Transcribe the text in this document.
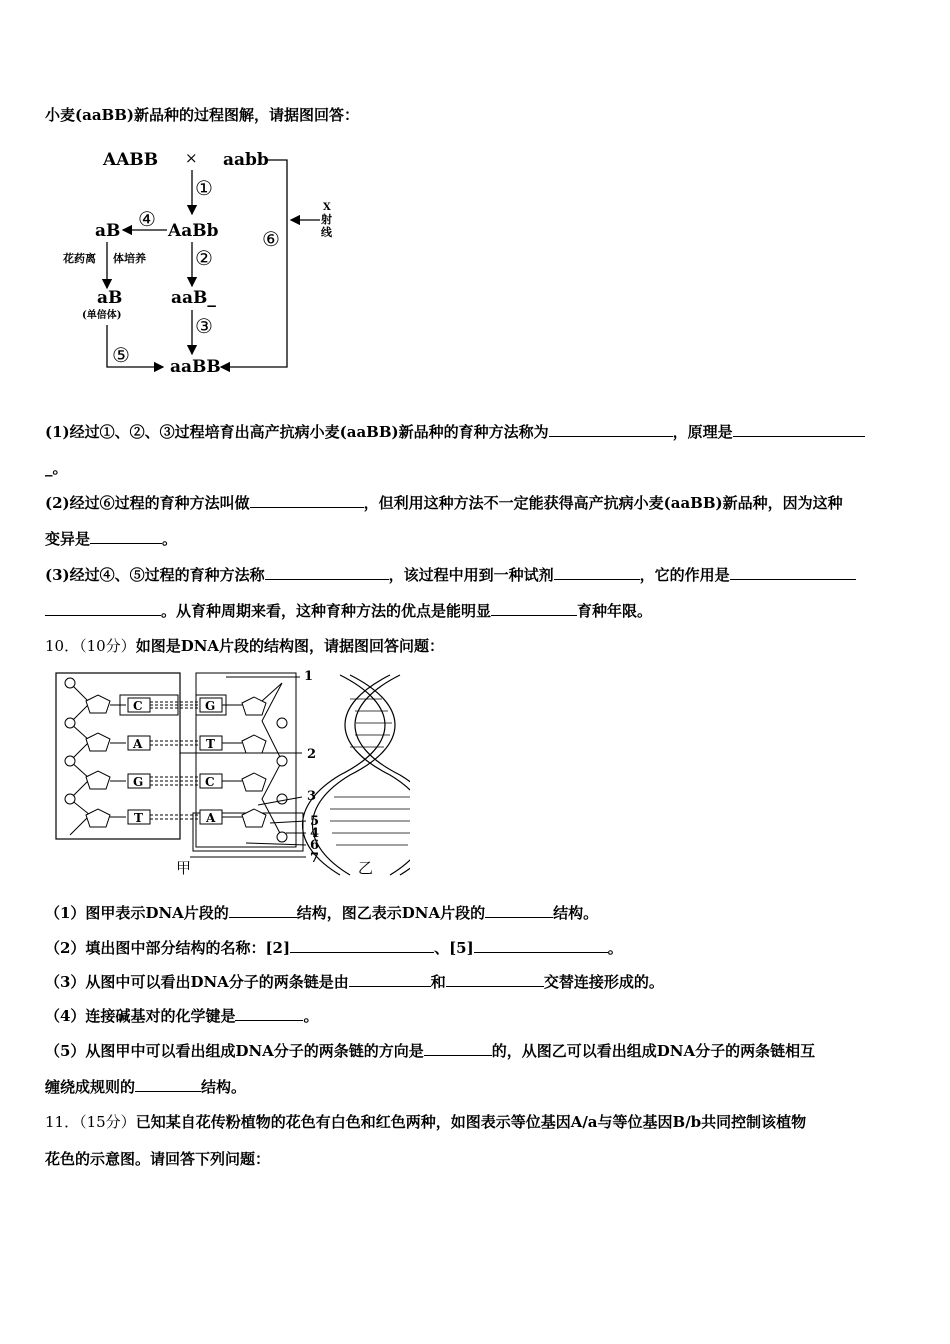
小麦(aaBB)新品种的过程图解，请据图回答：
AABB × aabb
①
AaBb
④
aB
花药离 体培养 ②
aB
(单倍体)
aaB_
③
⑤ aaBB
⑥
X
射
线
(1)经过①、②、③过程培育出高产抗病小麦(aaBB)新品种的育种方法称为	，原理是
_。
(2)经过⑥过程的育种方法叫做	，但利用这种方法不一定能获得高产抗病小麦(aaBB)新品种，因为这种
变异是	。
(3)经过④、⑤过程的育种方法称	，该过程中用到一种试剂	，它的作用是
。从育种周期来看，这种育种方法的优点是能明显	育种年限。
10．（10分）如图是DNA片段的结构图，请据图回答问题：
C
A
G
T
G
T
C
A
1
2
3
5
4
6
7
甲	乙
（1）图甲表示DNA片段的	结构，图乙表示DNA片段的	结构。
（2）填出图中部分结构的名称：[2]	、[5]	。
（3）从图中可以看出DNA分子的两条链是由	和	交替连接形成的。
（4）连接碱基对的化学键是	。
（5）从图甲中可以看出组成DNA分子的两条链的方向是	的，从图乙可以看出组成DNA分子的两条链相互
缠绕成规则的	结构。
11．（15分）已知某自花传粉植物的花色有白色和红色两种，如图表示等位基因A/a与等位基因B/b共同控制该植物
花色的示意图。请回答下列问题：
